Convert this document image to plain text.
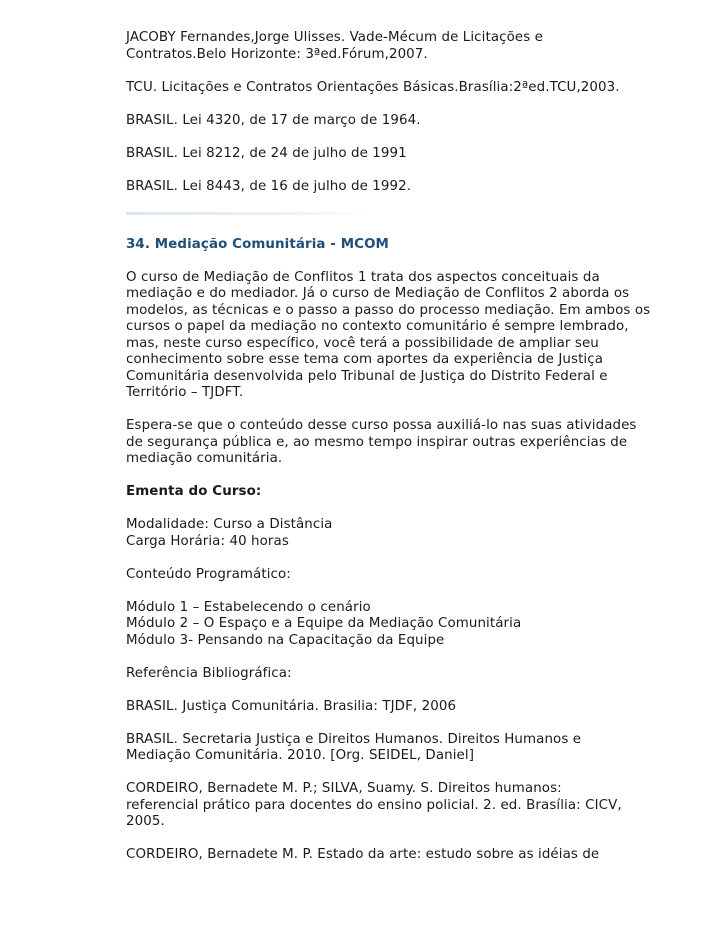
JACOBY Fernandes,Jorge Ulisses. Vade-Mécum de Licitações e
Contratos.Belo Horizonte: 3ªed.Fórum,2007.

TCU. Licitações e Contratos Orientações Básicas.Brasília:2ªed.TCU,2003.

BRASIL. Lei 4320, de 17 de março de 1964.

BRASIL. Lei 8212, de 24 de julho de 1991

BRASIL. Lei 8443, de 16 de julho de 1992.

34. Mediação Comunitária - MCOM

O curso de Mediação de Conflitos 1 trata dos aspectos conceituais da
mediação e do mediador. Já o curso de Mediação de Conflitos 2 aborda os
modelos, as técnicas e o passo a passo do processo mediação. Em ambos os
cursos o papel da mediação no contexto comunitário é sempre lembrado,
mas, neste curso específico, você terá a possibilidade de ampliar seu
conhecimento sobre esse tema com aportes da experiência de Justiça
Comunitária desenvolvida pelo Tribunal de Justiça do Distrito Federal e
Território – TJDFT.

Espera-se que o conteúdo desse curso possa auxiliá-lo nas suas atividades
de segurança pública e, ao mesmo tempo inspirar outras experiências de
mediação comunitária.

Ementa do Curso:

Modalidade: Curso a Distância
Carga Horária: 40 horas

Conteúdo Programático:

Módulo 1 – Estabelecendo o cenário
Módulo 2 – O Espaço e a Equipe da Mediação Comunitária
Módulo 3- Pensando na Capacitação da Equipe

Referência Bibliográfica:

BRASIL. Justiça Comunitária. Brasilia: TJDF, 2006

BRASIL. Secretaria Justiça e Direitos Humanos. Direitos Humanos e
Mediação Comunitária. 2010. [Org. SEIDEL, Daniel]

CORDEIRO, Bernadete M. P.; SILVA, Suamy. S. Direitos humanos:
referencial prático para docentes do ensino policial. 2. ed. Brasília: CICV,
2005.

CORDEIRO, Bernadete M. P. Estado da arte: estudo sobre as idéias de
